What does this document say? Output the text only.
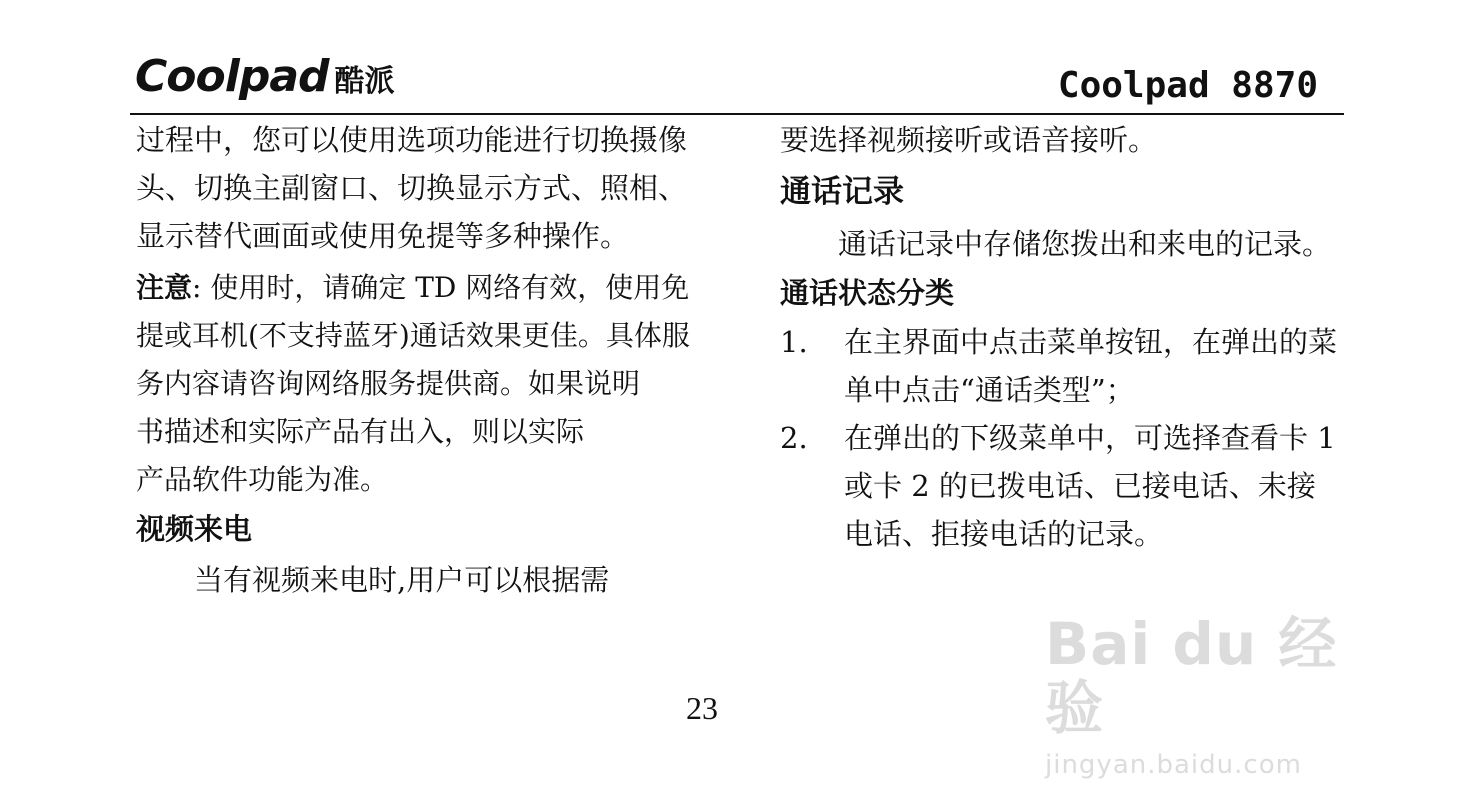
Coolpad 酷派	Coolpad 8870

过程中，您可以使用选项功能进行切换摄像头、切换主副窗口、切换显示方式、照相、显示替代画面或使用免提等多种操作。

注意: 使用时，请确定 TD 网络有效，使用免提或耳机(不支持蓝牙)通话效果更佳。具体服务内容请咨询网络服务提供商。如果说明

书描述和实际产品有出入，则以实际

产品软件功能为准。

视频来电

当有视频来电时,用户可以根据需

要选择视频接听或语音接听。

通话记录

通话记录中存储您拨出和来电的记录。

通话状态分类

1. 在主界面中点击菜单按钮，在弹出的菜单中点击“通话类型”；
2. 在弹出的下级菜单中，可选择查看卡 1 或卡 2 的已拨电话、已接电话、未接电话、拒接电话的记录。
23
Bai du 经验
jingyan.baidu.com
